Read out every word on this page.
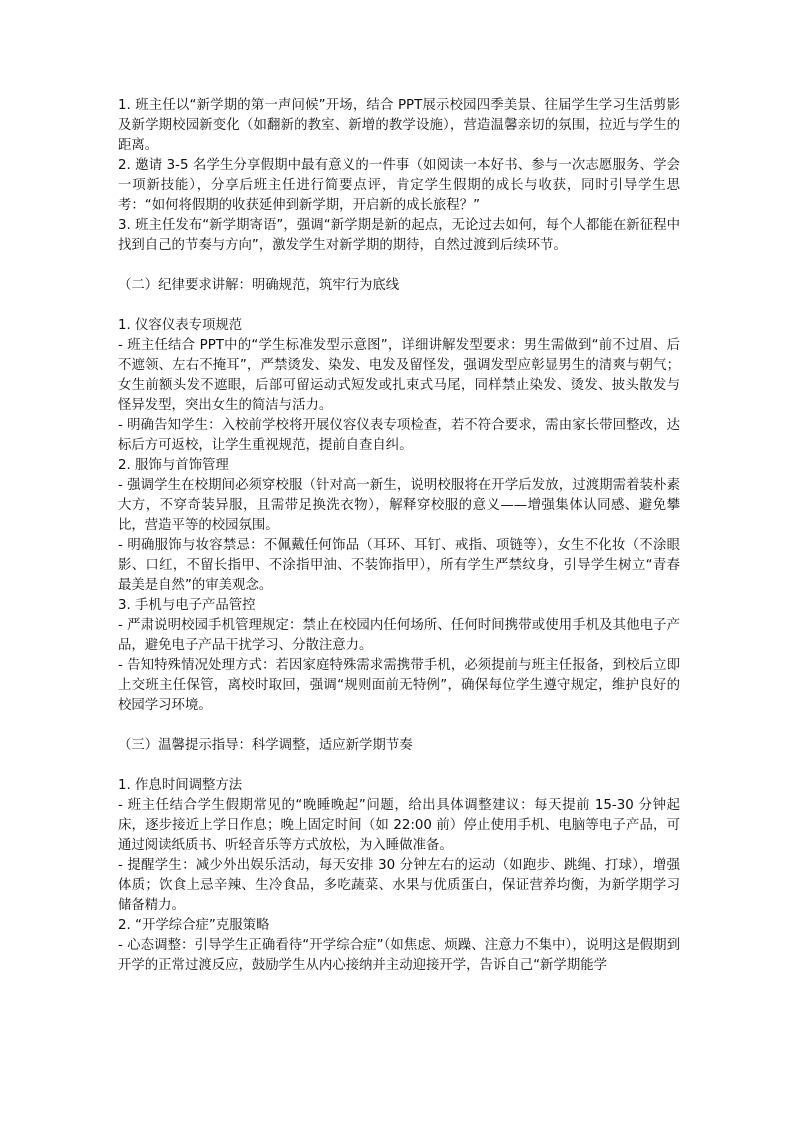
1. 班主任以“新学期的第一声问候”开场，结合 PPT展示校园四季美景、往届学生学习生活剪影及新学期校园新变化（如翻新的教室、新增的教学设施），营造温馨亲切的氛围，拉近与学生的距离。

2. 邀请 3-5 名学生分享假期中最有意义的一件事（如阅读一本好书、参与一次志愿服务、学会一项新技能），分享后班主任进行简要点评，肯定学生假期的成长与收获，同时引导学生思考：“如何将假期的收获延伸到新学期，开启新的成长旅程？”

3. 班主任发布“新学期寄语”，强调“新学期是新的起点，无论过去如何，每个人都能在新征程中找到自己的节奏与方向”，激发学生对新学期的期待，自然过渡到后续环节。

（二）纪律要求讲解：明确规范，筑牢行为底线

1. 仪容仪表专项规范

- 班主任结合 PPT中的“学生标准发型示意图”，详细讲解发型要求：男生需做到“前不过眉、后不遮领、左右不掩耳”，严禁烫发、染发、电发及留怪发，强调发型应彰显男生的清爽与朝气；女生前额头发不遮眼，后部可留运动式短发或扎束式马尾，同样禁止染发、烫发、披头散发与怪异发型，突出女生的简洁与活力。

- 明确告知学生：入校前学校将开展仪容仪表专项检查，若不符合要求，需由家长带回整改，达标后方可返校，让学生重视规范，提前自查自纠。

2. 服饰与首饰管理

- 强调学生在校期间必须穿校服（针对高一新生，说明校服将在开学后发放，过渡期需着装朴素大方，不穿奇装异服，且需带足换洗衣物），解释穿校服的意义——增强集体认同感、避免攀比，营造平等的校园氛围。

- 明确服饰与妆容禁忌：不佩戴任何饰品（耳环、耳钉、戒指、项链等），女生不化妆（不涂眼影、口红，不留长指甲、不涂指甲油、不装饰指甲），所有学生严禁纹身，引导学生树立“青春最美是自然”的审美观念。

3. 手机与电子产品管控

- 严肃说明校园手机管理规定：禁止在校园内任何场所、任何时间携带或使用手机及其他电子产品，避免电子产品干扰学习、分散注意力。

- 告知特殊情况处理方式：若因家庭特殊需求需携带手机，必须提前与班主任报备，到校后立即上交班主任保管，离校时取回，强调“规则面前无特例”，确保每位学生遵守规定，维护良好的校园学习环境。

（三）温馨提示指导：科学调整，适应新学期节奏

1. 作息时间调整方法

- 班主任结合学生假期常见的“晚睡晚起”问题，给出具体调整建议：每天提前 15-30 分钟起床，逐步接近上学日作息；晚上固定时间（如 22:00 前）停止使用手机、电脑等电子产品，可通过阅读纸质书、听轻音乐等方式放松，为入睡做准备。

- 提醒学生：减少外出娱乐活动，每天安排 30 分钟左右的运动（如跑步、跳绳、打球），增强体质；饮食上忌辛辣、生冷食品，多吃蔬菜、水果与优质蛋白，保证营养均衡，为新学期学习储备精力。

2. “开学综合症”克服策略

- 心态调整：引导学生正确看待“开学综合症”（如焦虑、烦躁、注意力不集中），说明这是假期到开学的正常过渡反应，鼓励学生从内心接纳并主动迎接开学，告诉自己“新学期能学
